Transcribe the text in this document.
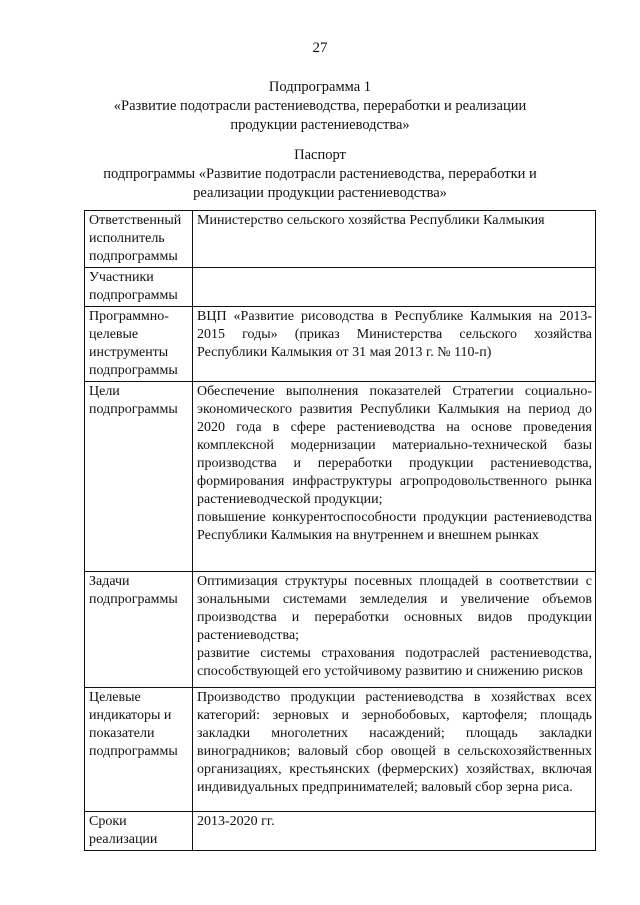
27
Подпрограмма 1
«Развитие подотрасли растениеводства, переработки и реализации
продукции растениеводства»
Паспорт
подпрограммы «Развитие подотрасли растениеводства, переработки и
реализации продукции растениеводства»
Ответственный исполнитель подпрограммы	Министерство сельского хозяйства Республики Калмыкия

Участники подпрограммы	

Программно-целевые инструменты подпрограммы	ВЦП «Развитие рисоводства в Республике Калмыкия на 2013-2015 годы» (приказ Министерства сельского хозяйства Республики Калмыкия от 31 мая 2013 г. № 110-п)

Цели подпрограммы	Обеспечение выполнения показателей Стратегии социально-экономического развития Республики Калмыкия на период до 2020 года в сфере растениеводства на основе проведения комплексной модернизации материально-технической базы производства и переработки продукции растениеводства, формирования инфраструктуры агропродовольственного рынка растениеводческой продукции;
повышение конкурентоспособности продукции растениеводства Республики Калмыкия на внутреннем и внешнем рынках

Задачи подпрограммы	Оптимизация структуры посевных площадей в соответствии с зональными системами земледелия и увеличение объемов производства и переработки основных видов продукции растениеводства;
развитие системы страхования подотраслей растениеводства, способствующей его устойчивому развитию и снижению рисков

Целевые индикаторы и показатели подпрограммы	Производство продукции растениеводства в хозяйствах всех категорий: зерновых и зернобобовых, картофеля; площадь закладки многолетних насаждений; площадь закладки виноградников; валовый сбор овощей в сельскохозяйственных организациях, крестьянских (фермерских) хозяйствах, включая индивидуальных предпринимателей; валовый сбор зерна риса.

Сроки реализации	2013-2020 гг.
